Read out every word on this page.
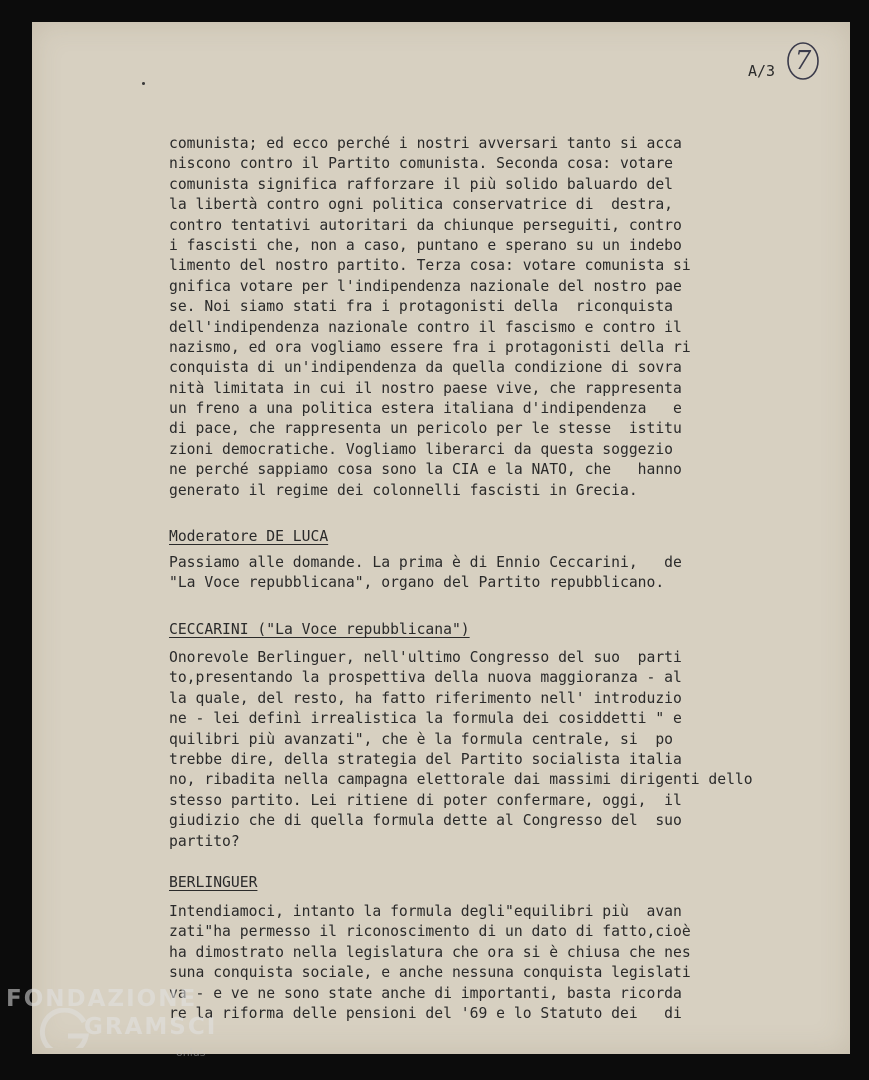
A/3 7
comunista; ed ecco perché i nostri avversari tanto si acca
niscono contro il Partito comunista. Seconda cosa: votare
comunista significa rafforzare il più solido baluardo del
la libertà contro ogni politica conservatrice di  destra,
contro tentativi autoritari da chiunque perseguiti, contro
i fascisti che, non a caso, puntano e sperano su un indebo
limento del nostro partito. Terza cosa: votare comunista si
gnifica votare per l'indipendenza nazionale del nostro pae
se. Noi siamo stati fra i protagonisti della  riconquista
dell'indipendenza nazionale contro il fascismo e contro il
nazismo, ed ora vogliamo essere fra i protagonisti della ri
conquista di un'indipendenza da quella condizione di sovra
nità limitata in cui il nostro paese vive, che rappresenta
un freno a una politica estera italiana d'indipendenza   e
di pace, che rappresenta un pericolo per le stesse  istitu
zioni democratiche. Vogliamo liberarci da questa soggezio
ne perché sappiamo cosa sono la CIA e la NATO, che   hanno
generato il regime dei colonnelli fascisti in Grecia.
Moderatore DE LUCA
Passiamo alle domande. La prima è di Ennio Ceccarini,   de
"La Voce repubblicana", organo del Partito repubblicano.
CECCARINI ("La Voce repubblicana")
Onorevole Berlinguer, nell'ultimo Congresso del suo  parti
to,presentando la prospettiva della nuova maggioranza - al
la quale, del resto, ha fatto riferimento nell' introduzio
ne - lei definì irrealistica la formula dei cosiddetti " e
quilibri più avanzati", che è la formula centrale, si  po
trebbe dire, della strategia del Partito socialista italia
no, ribadita nella campagna elettorale dai massimi dirigenti dello
stesso partito. Lei ritiene di poter confermare, oggi,  il
giudizio che di quella formula dette al Congresso del  suo
partito?
BERLINGUER
Intendiamoci, intanto la formula degli"equilibri più  avan
zati"ha permesso il riconoscimento di un dato di fatto,cioè
ha dimostrato nella legislatura che ora si è chiusa che nes
suna conquista sociale, e anche nessuna conquista legislati
va - e ve ne sono state anche di importanti, basta ricorda
re la riforma delle pensioni del '69 e lo Statuto dei   di
FONDAZIONE
GRAMSCI
onlus
